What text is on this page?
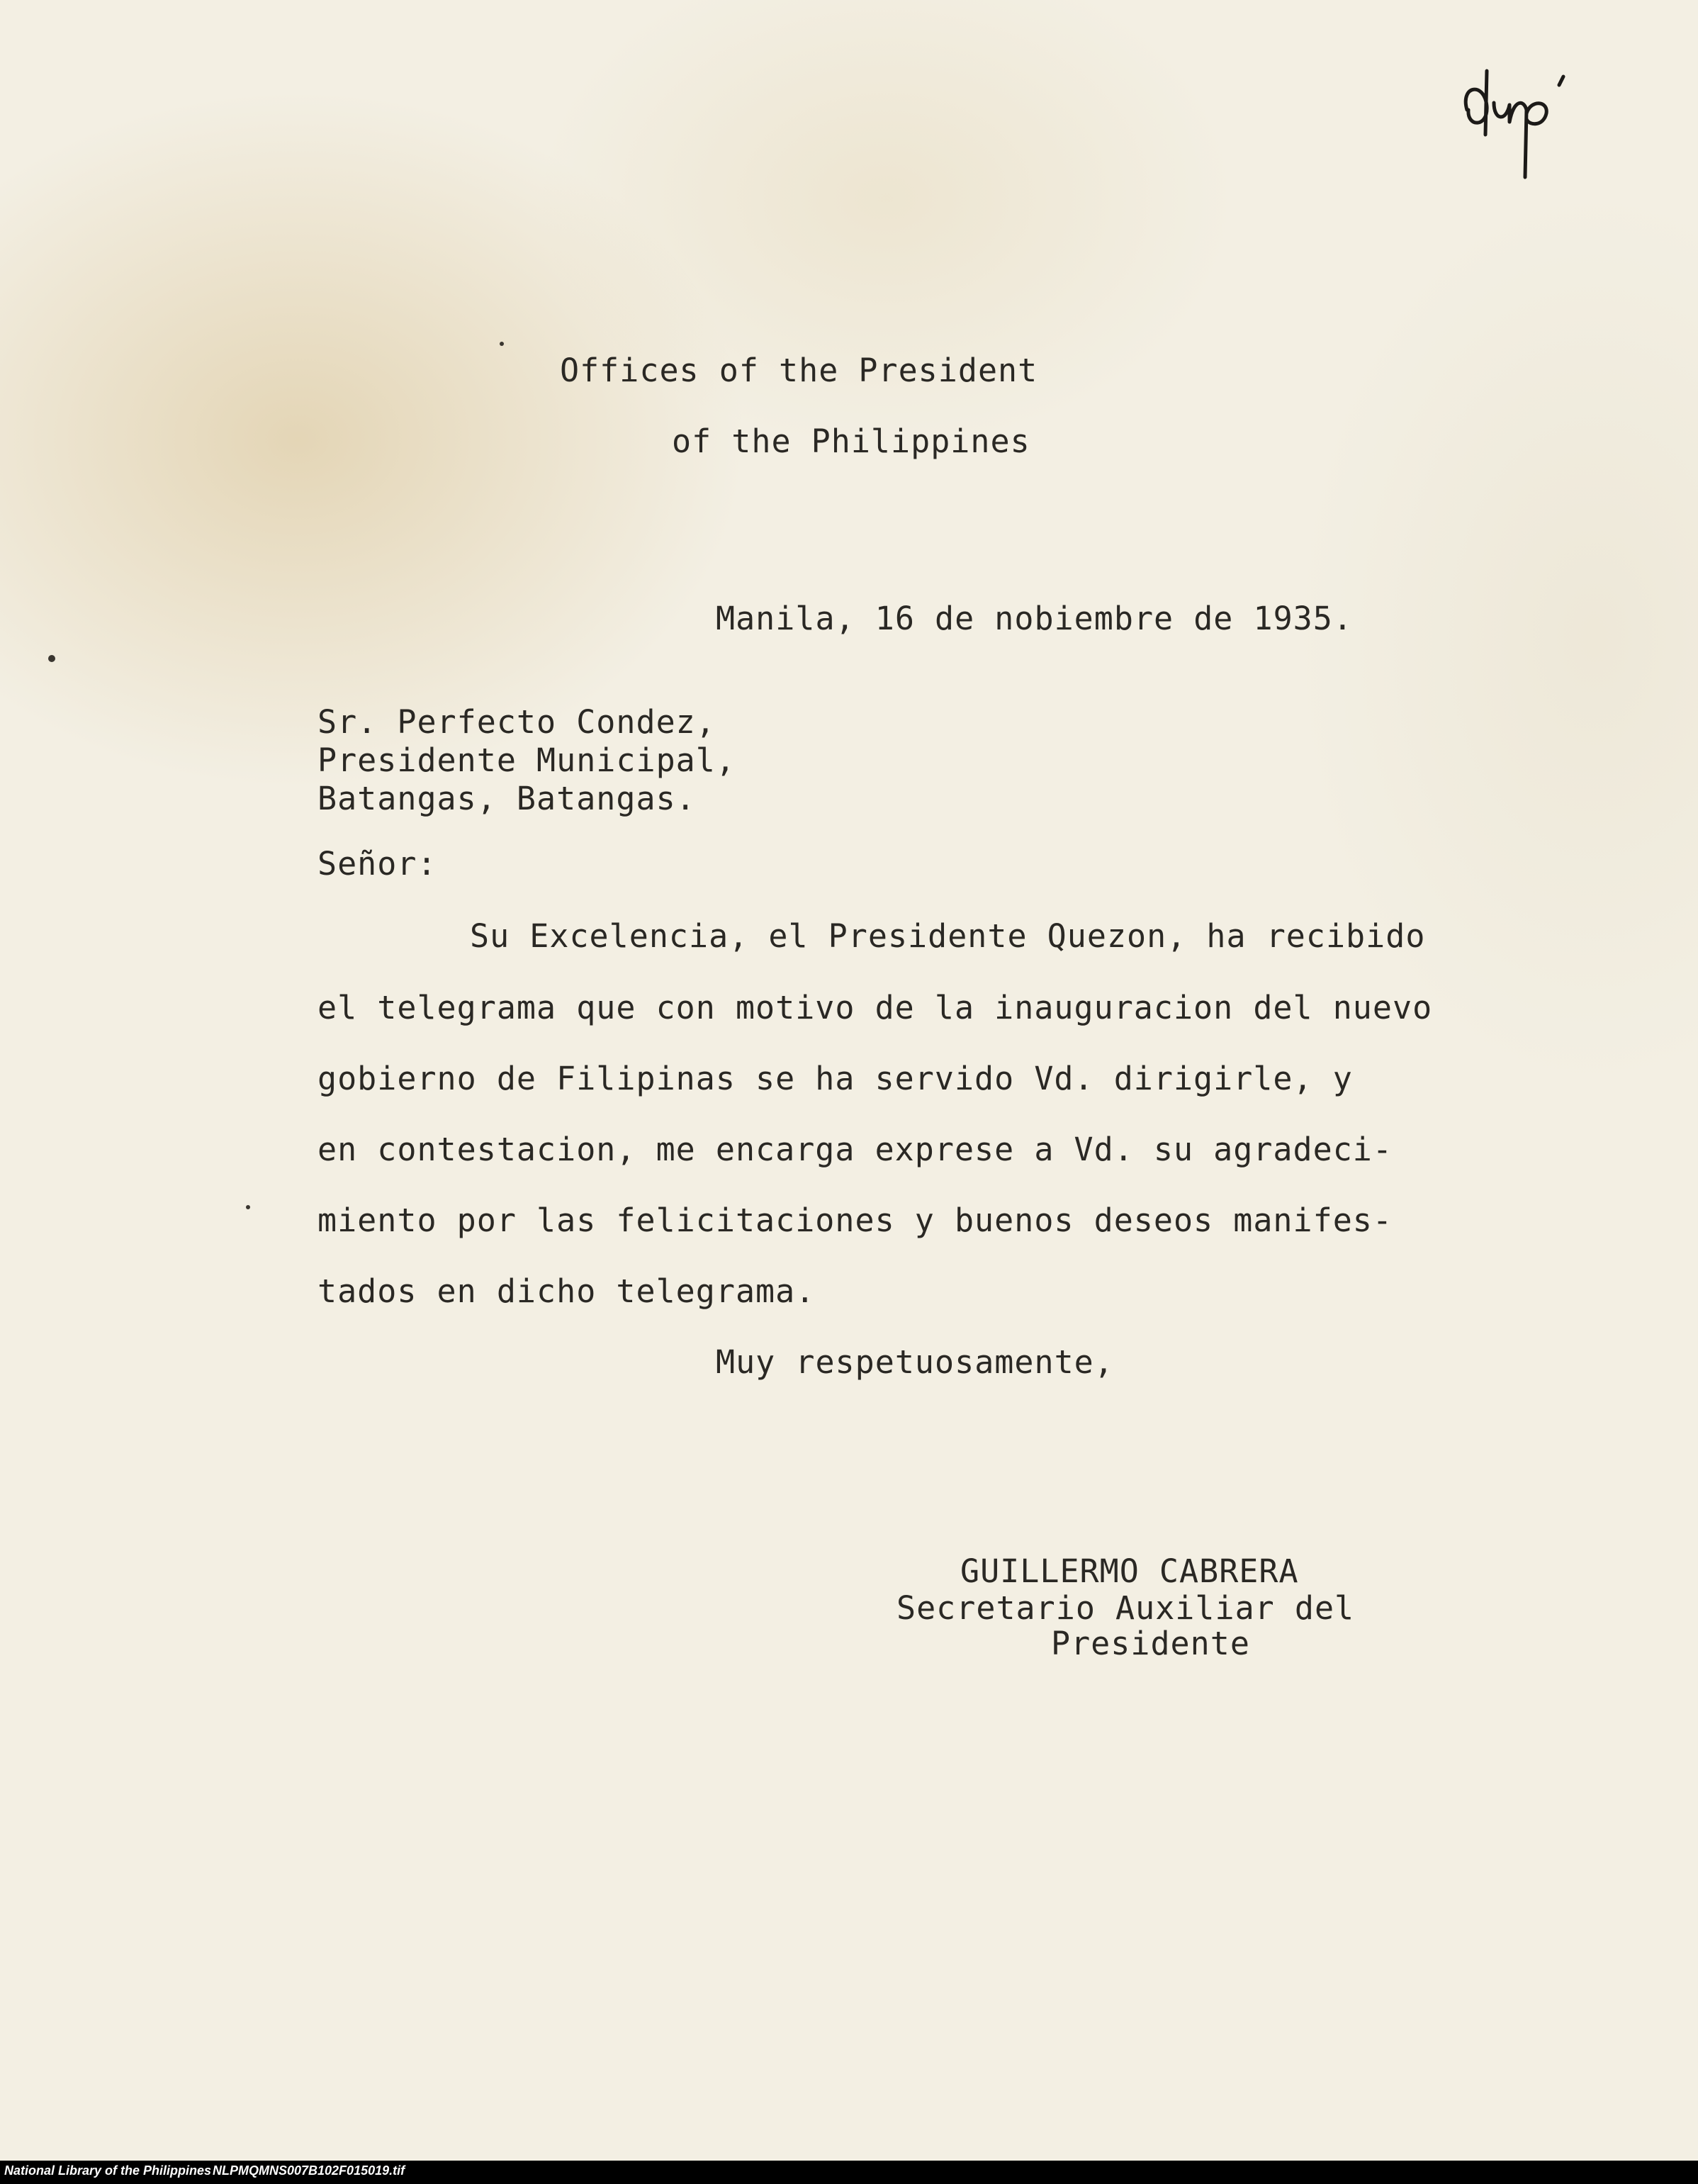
Offices of the President
of the Philippines
Manila, 16 de nobiembre de 1935.
Sr. Perfecto Condez,
Presidente Municipal,
Batangas, Batangas.
Señor:
Su Excelencia, el Presidente Quezon, ha recibido
el telegrama que con motivo de la inauguracion del nuevo
gobierno de Filipinas se ha servido Vd. dirigirle, y
en contestacion, me encarga exprese a Vd. su agradeci-
miento por las felicitaciones y buenos deseos manifes-
tados en dicho telegrama.
Muy respetuosamente,
GUILLERMO CABRERA
Secretario Auxiliar del
Presidente
National Library of the Philippines NLPMQMNS007B102F015019.tif
